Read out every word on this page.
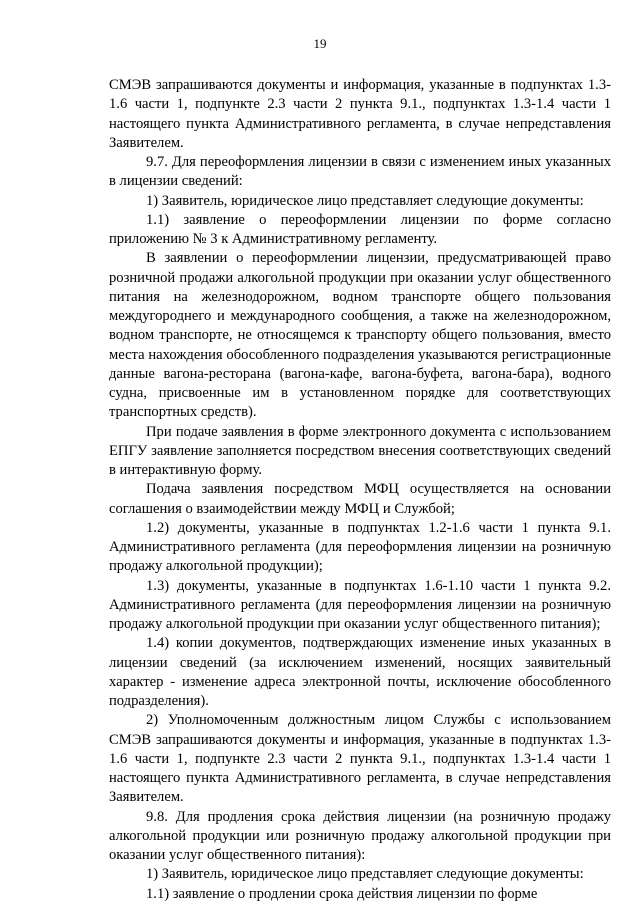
19

СМЭВ запрашиваются документы и информация, указанные в подпунктах 1.3-1.6 части 1, подпункте 2.3 части 2 пункта 9.1., подпунктах 1.3-1.4 части 1 настоящего пункта Административного регламента, в случае непредставления Заявителем.

9.7. Для переоформления лицензии в связи с изменением иных указанных в лицензии сведений:

1) Заявитель, юридическое лицо представляет следующие документы:

1.1) заявление о переоформлении лицензии по форме согласно приложению № 3 к Административному регламенту.

В заявлении о переоформлении лицензии, предусматривающей право розничной продажи алкогольной продукции при оказании услуг общественного питания на железнодорожном, водном транспорте общего пользования междугороднего и международного сообщения, а также на железнодорожном, водном транспорте, не относящемся к транспорту общего пользования, вместо места нахождения обособленного подразделения указываются регистрационные данные вагона-ресторана (вагона-кафе, вагона-буфета, вагона-бара), водного судна, присвоенные им в установленном порядке для соответствующих транспортных средств).

При подаче заявления в форме электронного документа с использованием ЕПГУ заявление заполняется посредством внесения соответствующих сведений в интерактивную форму.

Подача заявления посредством МФЦ осуществляется на основании соглашения о взаимодействии между МФЦ и Службой;

1.2) документы, указанные в подпунктах 1.2-1.6 части 1 пункта 9.1. Административного регламента (для переоформления лицензии на розничную продажу алкогольной продукции);

1.3) документы, указанные в подпунктах 1.6-1.10 части 1 пункта 9.2. Административного регламента (для переоформления лицензии на розничную продажу алкогольной продукции при оказании услуг общественного питания);

1.4) копии документов, подтверждающих изменение иных указанных в лицензии сведений (за исключением изменений, носящих заявительный характер - изменение адреса электронной почты, исключение обособленного подразделения).

2) Уполномоченным должностным лицом Службы с использованием СМЭВ запрашиваются документы и информация, указанные в подпунктах 1.3-1.6 части 1, подпункте 2.3 части 2 пункта 9.1., подпунктах 1.3-1.4 части 1 настоящего пункта Административного регламента, в случае непредставления Заявителем.

9.8. Для продления срока действия лицензии (на розничную продажу алкогольной продукции или розничную продажу алкогольной продукции при оказании услуг общественного питания):

1) Заявитель, юридическое лицо представляет следующие документы:

1.1) заявление о продлении срока действия лицензии по форме
